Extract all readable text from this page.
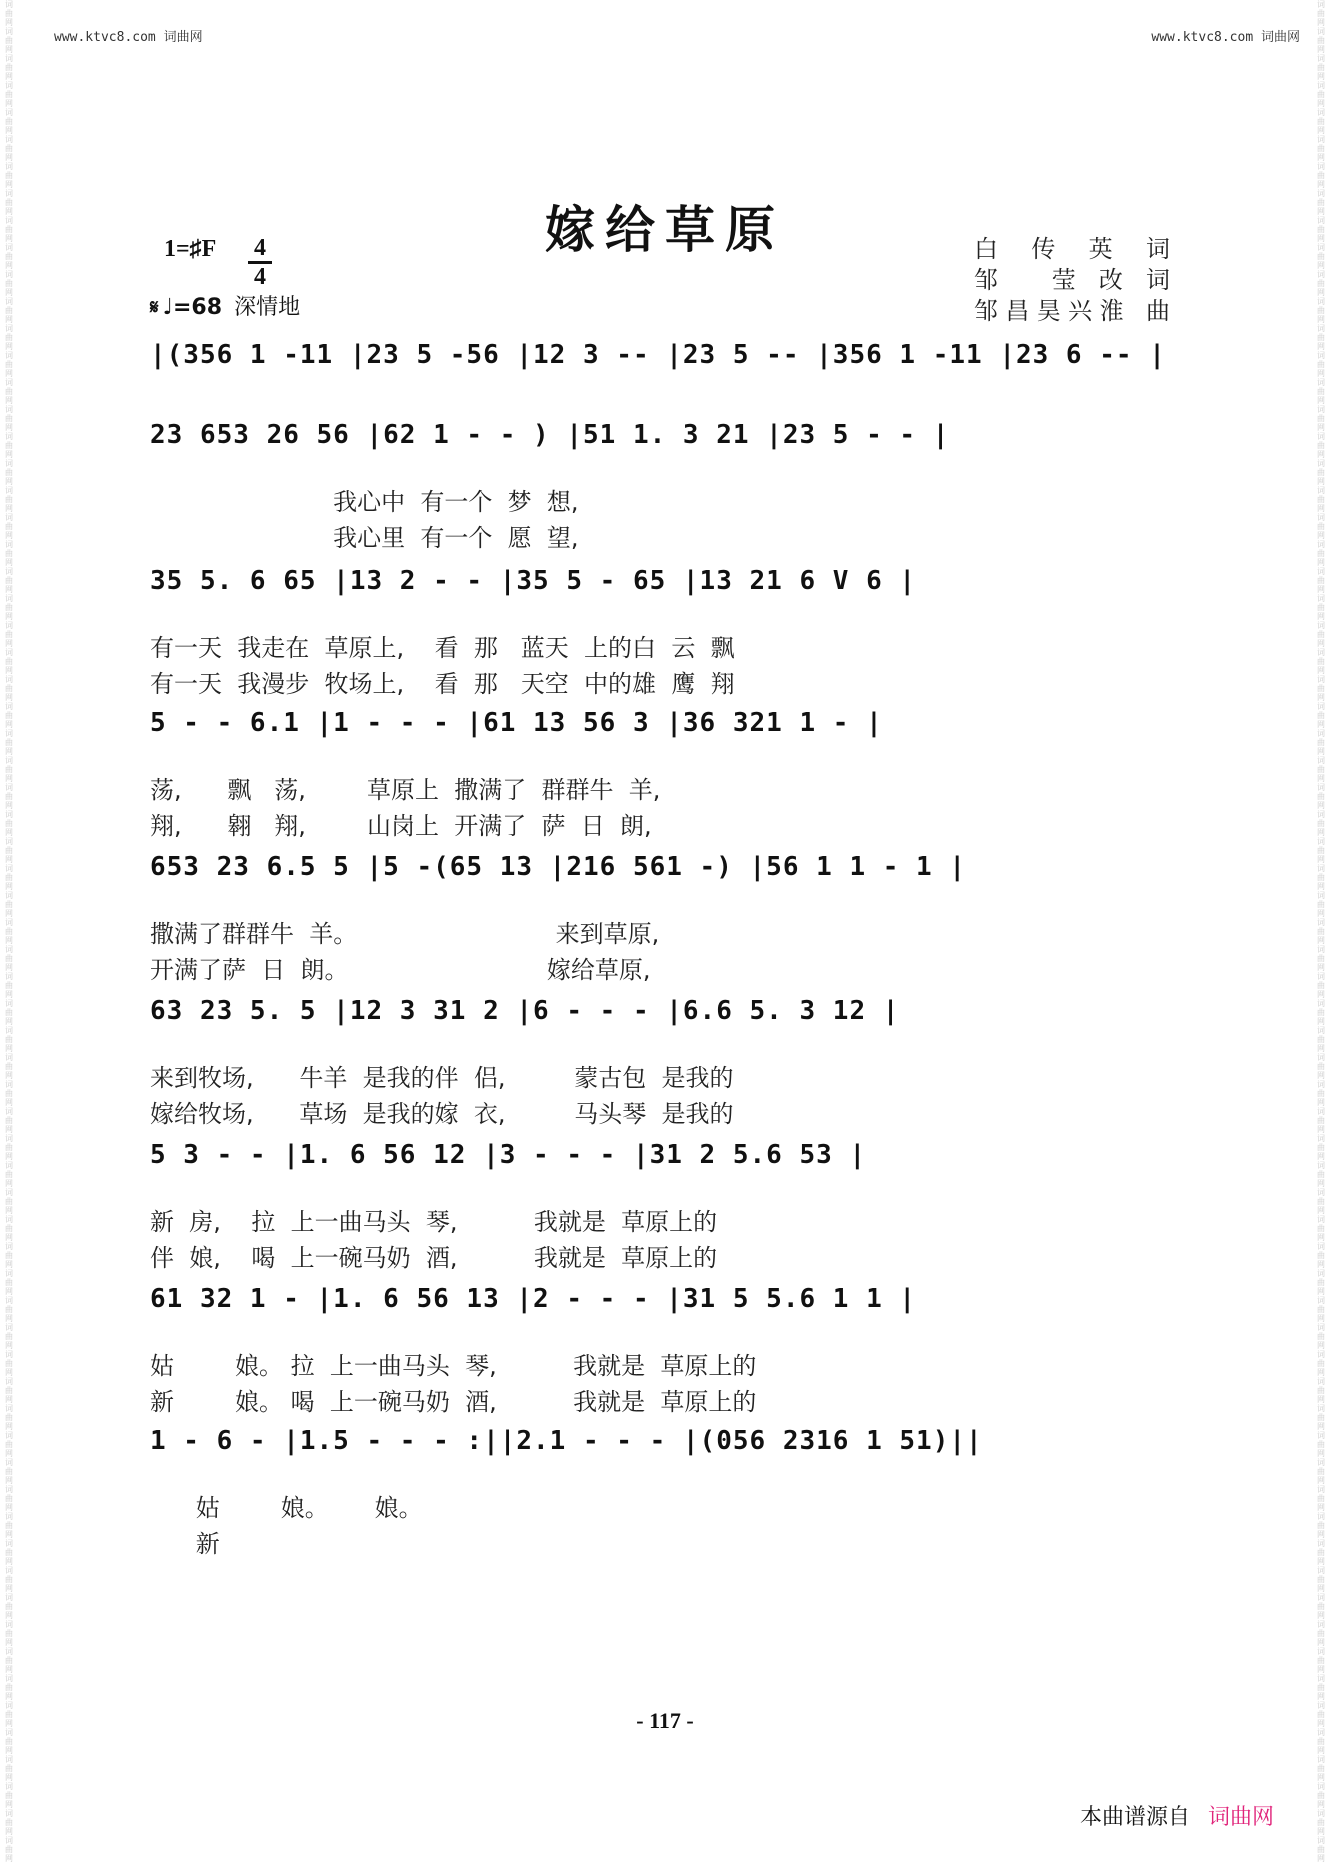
词曲网词曲网词曲网词曲网词曲网词曲网词曲网词曲网词曲网词曲网词曲网词曲网词曲网词曲网词曲网词曲网词曲网词曲网词曲网词曲网词曲网词曲网词曲网词曲网词曲网词曲网词曲网词曲网词曲网词曲网词曲网词曲网词曲网词曲网词曲网词曲网词曲网词曲网词曲网词曲网词曲网词曲网词曲网词曲网词曲网词曲网词曲网词曲网词曲网词曲网词曲网词曲网词曲网词曲网词曲网词曲网词曲网词曲网词曲网词曲网词曲网词曲网词曲网词曲网词曲网词曲网词曲网词曲网词曲网
词曲网词曲网词曲网词曲网词曲网词曲网词曲网词曲网词曲网词曲网词曲网词曲网词曲网词曲网词曲网词曲网词曲网词曲网词曲网词曲网词曲网词曲网词曲网词曲网词曲网词曲网词曲网词曲网词曲网词曲网词曲网词曲网词曲网词曲网词曲网词曲网词曲网词曲网词曲网词曲网词曲网词曲网词曲网词曲网词曲网词曲网词曲网词曲网词曲网词曲网词曲网词曲网词曲网词曲网词曲网词曲网词曲网词曲网词曲网词曲网词曲网词曲网词曲网词曲网词曲网词曲网词曲网词曲网词曲网
www.ktvc8.com 词曲网	www.ktvc8.com 词曲网
嫁给草原
1=♯F 4
4
𝄋 ♩=68 深情地
白 传 英 词
邹 莹改词
邹昌昊兴淮 曲
|(356 1 -11 |23 5 -56 |12 3 -- |23 5 -- |356 1 -11 |23 6 -- |
23 653 26 56 |62 1 - - ) |51 1. 3 21 |23 5 - - |
我心中  有一个  梦  想,
我心里  有一个  愿  望,
35 5. 6 65 |13 2 - - |35 5 - 65 |13 21 6 V 6 |
有一天  我走在  草原上,    看  那   蓝天  上的白  云  飘
有一天  我漫步  牧场上,    看  那   天空  中的雄  鹰  翔
5 - - 6.1 |1 - - - |61 13 56 3 |36 321 1 - |
荡,      飘   荡,        草原上  撒满了  群群牛  羊,
翔,      翱   翔,        山岗上  开满了  萨  日  朗,
653 23 6.5 5 |5 -(65 13 |216 561 -) |56 1 1 - 1 |
撒满了群群牛  羊。                          来到草原,
开满了萨  日  朗。                          嫁给草原,
63 23 5. 5 |12 3 31 2 |6 - - - |6.6 5. 3 12 |
来到牧场,      牛羊  是我的伴  侣,         蒙古包  是我的
嫁给牧场,      草场  是我的嫁  衣,         马头琴  是我的
5 3 - - |1. 6 56 12 |3 - - - |31 2 5.6 53 |
新  房,    拉  上一曲马头  琴,          我就是  草原上的
伴  娘,    喝  上一碗马奶  酒,          我就是  草原上的
61 32 1 - |1. 6 56 13 |2 - - - |31 5 5.6 1 1 |
姑        娘。 拉  上一曲马头  琴,          我就是  草原上的
新        娘。 喝  上一碗马奶  酒,          我就是  草原上的
1 - 6 - |1.5 - - - :||2.1 - - - |(056 2316 1 51)||
姑        娘。      娘。
新
- 117 -
本曲谱源自 词曲网
